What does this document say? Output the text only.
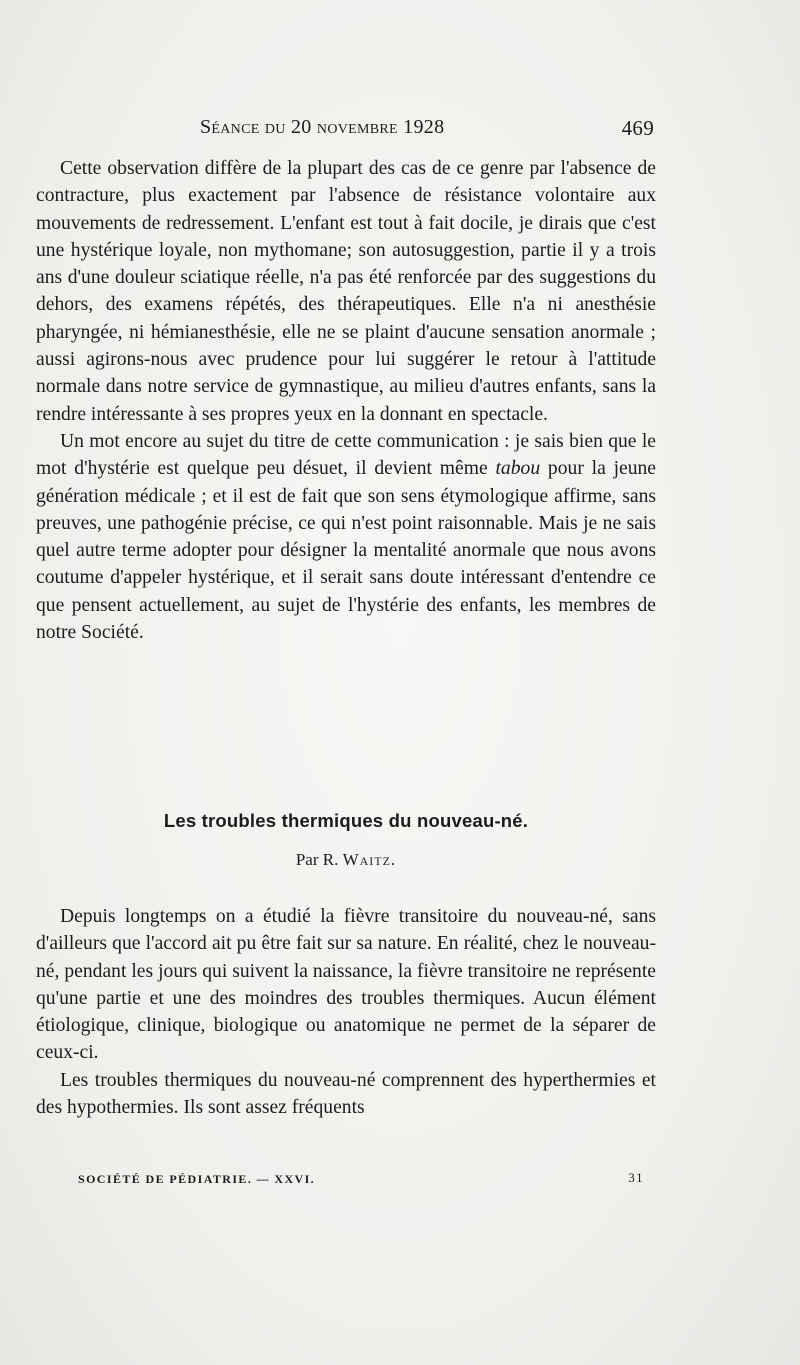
Séance du 20 novembre 1928	469

Cette observation diffère de la plupart des cas de ce genre par l'absence de contracture, plus exactement par l'absence de résistance volontaire aux mouvements de redressement. L'enfant est tout à fait docile, je dirais que c'est une hystérique loyale, non mythomane; son autosuggestion, partie il y a trois ans d'une douleur sciatique réelle, n'a pas été renforcée par des suggestions du dehors, des examens répétés, des thérapeutiques. Elle n'a ni anesthésie pharyngée, ni hémianesthésie, elle ne se plaint d'aucune sensation anormale ; aussi agirons-nous avec prudence pour lui suggérer le retour à l'attitude normale dans notre service de gymnastique, au milieu d'autres enfants, sans la rendre intéressante à ses propres yeux en la donnant en spectacle.

Un mot encore au sujet du titre de cette communication : je sais bien que le mot d'hystérie est quelque peu désuet, il devient même tabou pour la jeune génération médicale ; et il est de fait que son sens étymologique affirme, sans preuves, une pathogénie précise, ce qui n'est point raisonnable. Mais je ne sais quel autre terme adopter pour désigner la mentalité anormale que nous avons coutume d'appeler hystérique, et il serait sans doute intéressant d'entendre ce que pensent actuellement, au sujet de l'hystérie des enfants, les membres de notre Société.

Les troubles thermiques du nouveau-né.
Par R. Waitz.

Depuis longtemps on a étudié la fièvre transitoire du nouveau-né, sans d'ailleurs que l'accord ait pu être fait sur sa nature. En réalité, chez le nouveau-né, pendant les jours qui suivent la naissance, la fièvre transitoire ne représente qu'une partie et une des moindres des troubles thermiques. Aucun élément étiologique, clinique, biologique ou anatomique ne permet de la séparer de ceux-ci.

Les troubles thermiques du nouveau-né comprennent des hyperthermies et des hypothermies. Ils sont assez fréquents

SOCIÉTÉ DE PÉDIATRIE. — XXVI.	31
